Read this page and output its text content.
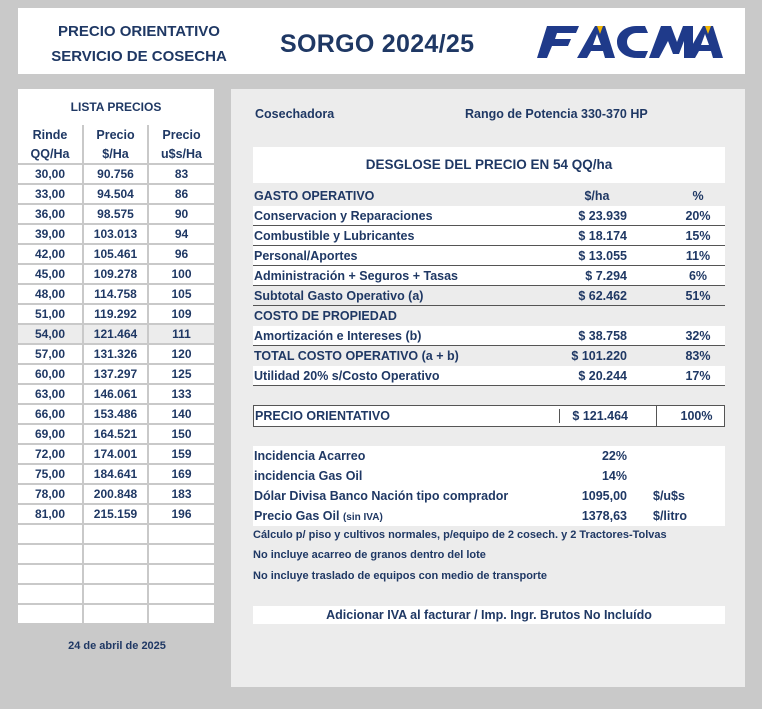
PRECIO ORIENTATIVO
SERVICIO DE COSECHA SORGO 2024/25
LISTA PRECIOS
Rinde	Precio	Precio
QQ/Ha	$/Ha	u$s/Ha
30,00	90.756	83
33,00	94.504	86
36,00	98.575	90
39,00	103.013	94
42,00	105.461	96
45,00	109.278	100
48,00	114.758	105
51,00	119.292	109
54,00	121.464	111
57,00	131.326	120
60,00	137.297	125
63,00	146.061	133
66,00	153.486	140
69,00	164.521	150
72,00	174.001	159
75,00	184.641	169
78,00	200.848	183
81,00	215.159	196

24 de abril de 2025
Cosechadora	Rango de Potencia 330-370 HP
DESGLOSE DEL PRECIO EN 54 QQ/ha
GASTO OPERATIVO	$/ha	%
Conservacion y Reparaciones	$ 23.939	20%
Combustible y Lubricantes	$ 18.174	15%
Personal/Aportes	$ 13.055	11%
Administración + Seguros + Tasas	$ 7.294	6%
Subtotal Gasto Operativo (a)	$ 62.462	51%
COSTO DE PROPIEDAD
Amortización e Intereses (b)	$ 38.758	32%
TOTAL COSTO OPERATIVO (a + b)	$ 101.220	83%
Utilidad 20% s/Costo Operativo	$ 20.244	17%
PRECIO ORIENTATIVO	$ 121.464	100%
Incidencia Acarreo	22%
incidencia Gas Oil	14%
Dólar Divisa Banco Nación tipo comprador	1095,00 $/u$s
Precio Gas Oil (sin IVA)	1378,63 $/litro
Cálculo p/ piso y cultivos normales, p/equipo de 2 cosech. y 2 Tractores-Tolvas
No incluye acarreo de granos dentro del lote
No incluye traslado de equipos con medio de transporte
Adicionar IVA al facturar / Imp. Ingr. Brutos No Incluído
